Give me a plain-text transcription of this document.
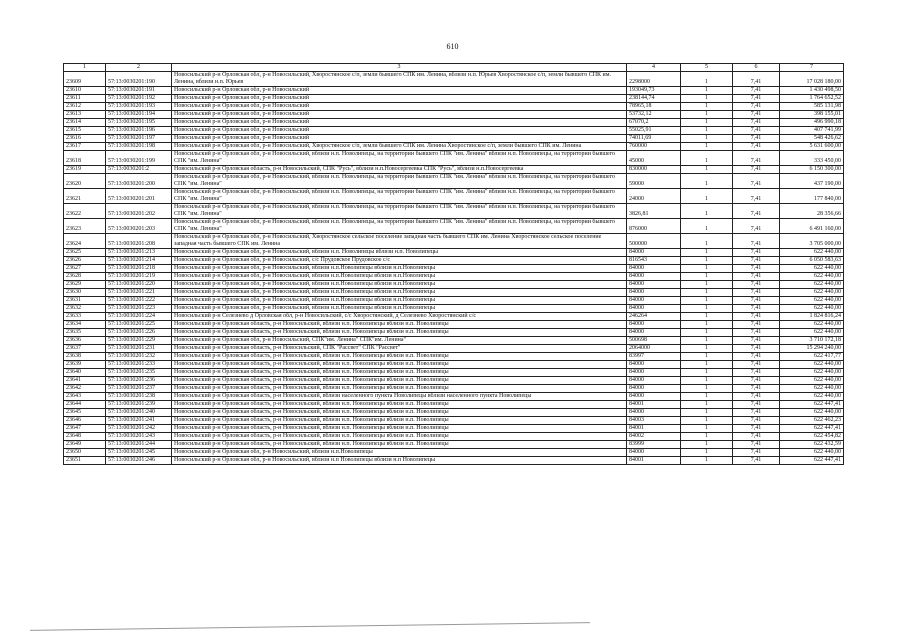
610
1	2	3	4	5	6	7
23609	57:13:0030201:190	Новосильский р-н Орловская обл, р-н Новосильский, Хворостянское с/п, земли бывшего СПК им. Ленина, вблизи н.п. Юрьев Хворостянское с/п, земли бывшего СПК им. Ленина, вблизи н.п. Юрьев	2298000	1	7,41	17 028 180,00
23610	57:13:0030201:191	Новосильский р-н Орловская обл, р-н Новосильский	193049,73	1	7,41	1 430 498,50
23611	57:13:0030201:192	Новосильский р-н Орловская обл, р-н Новосильский	238144,74	1	7,41	1 764 652,52
23612	57:13:0030201:193	Новосильский р-н Орловская обл, р-н Новосильский	78965,18	1	7,41	585 131,98
23613	57:13:0030201:194	Новосильский р-н Орловская обл, р-н Новосильский	53732,12	1	7,41	398 155,01
23614	57:13:0030201:195	Новосильский р-н Орловская обл, р-н Новосильский	67070,2	1	7,41	496 990,18
23615	57:13:0030201:196	Новосильский р-н Орловская обл, р-н Новосильский	55025,91	1	7,41	407 741,99
23616	57:13:0030201:197	Новосильский р-н Орловская обл, р-н Новосильский	74011,69	1	7,41	548 426,62
23617	57:13:0030201:198	Новосильский р-н Орловская обл, р-н Новосильский, Хворостянское с/п, земли бывшего СПК им. Ленина Хворостянское с/п, земли бывшего СПК им. Ленина	760000	1	7,41	5 631 600,00
23618	57:13:0030201:199	Новосильский р-н Орловская обл, р-н Новосильский, вблизи н.п. Новолипецы, на территории бывшего СПК "им. Ленина" вблизи н.п. Новолипецы, на территории бывшего СПК "им. Ленина"	45000	1	7,41	333 450,00
23619	57:13:0030201:2	Новосильский р-н Орловская область, р-н Новосильский, СПК "Русь", вблизи н.п.Новосергеевка СПК "Русь", вблизи н.п.Новосергеевка	830000	1	7,41	6 150 300,00
23620	57:13:0030201:200	Новосильский р-н Орловская обл, р-н Новосильский, вблизи н.п. Новолипецы, на территории бывшего СПК "им. Ленина" вблизи н.п. Новолипецы, на территории бывшего СПК "им. Ленина"	59000	1	7,41	437 190,00
23621	57:13:0030201:201	Новосильский р-н Орловская обл, р-н Новосильский, вблизи н.п. Новолипецы, на территории бывшего СПК "им. Ленина" вблизи н.п. Новолипецы, на территории бывшего СПК "им. Ленина"	24000	1	7,41	177 840,00
23622	57:13:0030201:202	Новосильский р-н Орловская обл, р-н Новосильский, вблизи н.п. Новолипецы, на территории бывшего СПК "им. Ленина" вблизи н.п. Новолипецы, на территории бывшего СПК "им. Ленина"	3826,81	1	7,41	28 356,66
23623	57:13:0030201:203	Новосильский р-н Орловская обл, р-н Новосильский, вблизи н.п. Новолипецы, на территории бывшего СПК "им. Ленина" вблизи н.п. Новолипецы, на территории бывшего СПК "им. Ленина"	876000	1	7,41	6 491 160,00
23624	57:13:0030201:208	Новосильский р-н Орловская обл, р-н Новосильский, Хворостянское сельское поселение западная часть бывшего СПК им. Ленина Хворостянское сельское поселение западная часть бывшего СПК им. Ленина	500000	1	7,41	3 705 000,00
23625	57:13:0030201:213	Новосильский р-н Орловская обл, р-н Новосильский, вблизи н.п. Новолипецы вблизи н.п. Новолипецы	84000	1	7,41	622 440,00
23626	57:13:0030201:214	Новосильский р-н Орловская обл, р-н Новосильский, с/с Прудовское Прудовское с/с	816543	1	7,41	6 050 583,63
23627	57:13:0030201:218	Новосильский р-н Орловская обл, р-н Новосильский, вблизи н.п.Новолипецы вблизи н.п.Новолипецы	84000	1	7,41	622 440,00
23628	57:13:0030201:219	Новосильский р-н Орловская обл, р-н Новосильский, вблизи н.п.Новолипецы вблизи н.п.Новолипецы	84000	1	7,41	622 440,00
23629	57:13:0030201:220	Новосильский р-н Орловская обл, р-н Новосильский, вблизи н.п.Новолипецы вблизи н.п.Новолипецы	84000	1	7,41	622 440,00
23630	57:13:0030201:221	Новосильский р-н Орловская обл, р-н Новосильский, вблизи н.п.Новолипецы вблизи н.п.Новолипецы	84000	1	7,41	622 440,00
23631	57:13:0030201:222	Новосильский р-н Орловская обл, р-н Новосильский, вблизи н.п.Новолипецы вблизи н.п.Новолипецы	84000	1	7,41	622 440,00
23632	57:13:0030201:223	Новосильский р-н Орловская обл, р-н Новосильский, вблизи н.п.Новолипецы вблизи н.п.Новолипецы	84000	1	7,41	622 440,00
23633	57:13:0030201:224	Новосильский р-н Селезнево д Орловская обл, р-н Новосильский, с/с Хворостянский, д Селезнево Хворостянский с/с	246264	1	7,41	1 824 816,24
23634	57:13:0030201:225	Новосильский р-н Орловская область, р-н Новосильский, вблизи н.п. Новолипецы вблизи н.п. Новолипецы	84000	1	7,41	622 440,00
23635	57:13:0030201:226	Новосильский р-н Орловская область, р-н Новосильский, вблизи н.п. Новолипецы вблизи н.п. Новолипецы	84000	1	7,41	622 440,00
23636	57:13:0030201:229	Новосильский р-н Орловская обл, р-н Новосильский, СПК"им. Ленина" СПК"им. Ленина"	500698	1	7,41	3 710 172,18
23637	57:13:0030201:231	Новосильский р-н Орловская область, р-н Новосильский, СПК "Рассвет" СПК "Рассвет"	2064000	1	7,41	15 294 240,00
23638	57:13:0030201:232	Новосильский р-н Орловская область, р-н Новосильский, вблизи н.п. Новолипецы вблизи н.п. Новолипецы	83997	1	7,41	622 417,77
23639	57:13:0030201:233	Новосильский р-н Орловская область, р-н Новосильский, вблизи н.п. Новолипецы вблизи н.п. Новолипецы	84000	1	7,41	622 440,00
23640	57:13:0030201:235	Новосильский р-н Орловская область, р-н Новосильский, вблизи н.п. Новолипецы вблизи н.п. Новолипецы	84000	1	7,41	622 440,00
23641	57:13:0030201:236	Новосильский р-н Орловская область, р-н Новосильский, вблизи н.п. Новолипецы вблизи н.п. Новолипецы	84000	1	7,41	622 440,00
23642	57:13:0030201:237	Новосильский р-н Орловская область, р-н Новосильский, вблизи н.п. Новолипецы вблизи н.п. Новолипецы	84000	1	7,41	622 440,00
23643	57:13:0030201:238	Новосильский р-н Орловская область, р-н Новосильский, вблизи населенного пункта Новолипецы вблизи населенного пункта Новолипецы	84000	1	7,41	622 440,00
23644	57:13:0030201:239	Новосильский р-н Орловская область, р-н Новосильский, вблизи н.п. Новолипецы вблизи н.п. Новолипецы	84001	1	7,41	622 447,41
23645	57:13:0030201:240	Новосильский р-н Орловская область, р-н Новосильский, вблизи н.п. Новолипецы вблизи н.п. Новолипецы	84000	1	7,41	622 440,00
23646	57:13:0030201:241	Новосильский р-н Орловская область, р-н Новосильский, вблизи н.п. Новолипецы вблизи н.п. Новолипецы	84003	1	7,41	622 462,23
23647	57:13:0030201:242	Новосильский р-н Орловская область, р-н Новосильский, вблизи н.п. Новолипецы вблизи н.п. Новолипецы	84001	1	7,41	622 447,41
23648	57:13:0030201:243	Новосильский р-н Орловская область, р-н Новосильский, вблизи н.п. Новолипецы вблизи н.п. Новолипецы	84002	1	7,41	622 454,82
23649	57:13:0030201:244	Новосильский р-н Орловская область, р-н Новосильский, вблизи н.п. Новолипецы вблизи н.п. Новолипецы	83999	1	7,41	622 432,59
23650	57:13:0030201:245	Новосильский р-н Орловская обл, р-н Новосильский, вблизи н.п.Новолипецы	84000	1	7,41	622 440,00
23651	57:13:0030201:246	Новосильский р-н Орловская обл, р-н Новосильский, вблизи н.п Новолипецы вблизи н.п Новолипецы	84001	1	7,41	622 447,41
